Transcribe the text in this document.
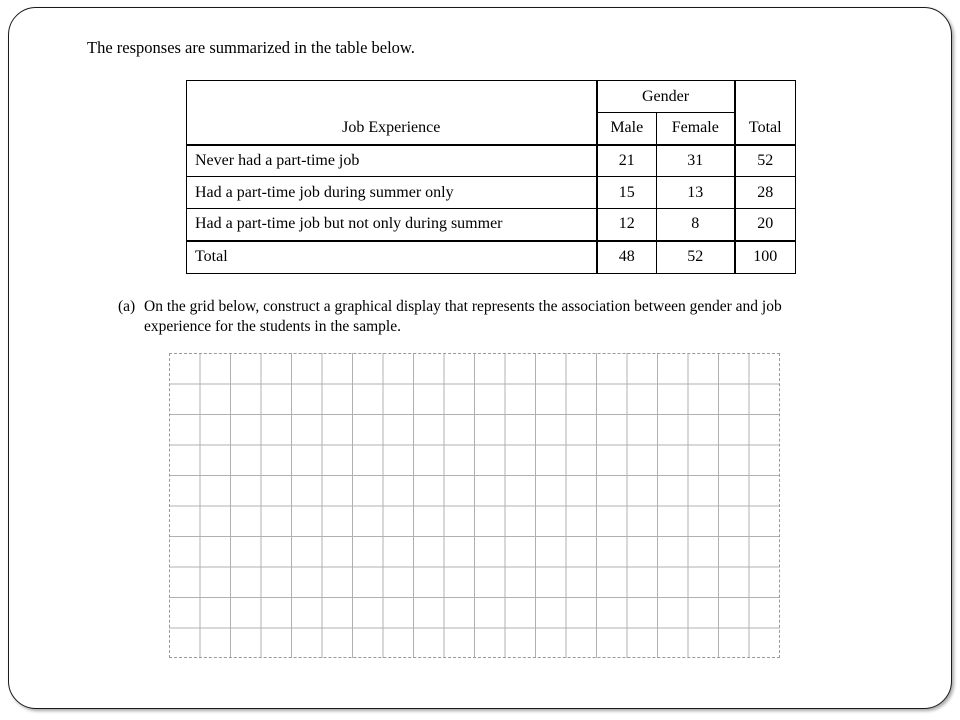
The responses are summarized in the table below.
	Gender		
Job Experience	Male	Female	Total
Never had a part-time job	21	31	52
Had a part-time job during summer only	15	13	28
Had a part-time job but not only during summer	12	8	20
Total	48	52	100
(a) On the grid below, construct a graphical display that represents the association between gender and job experience for the students in the sample.
